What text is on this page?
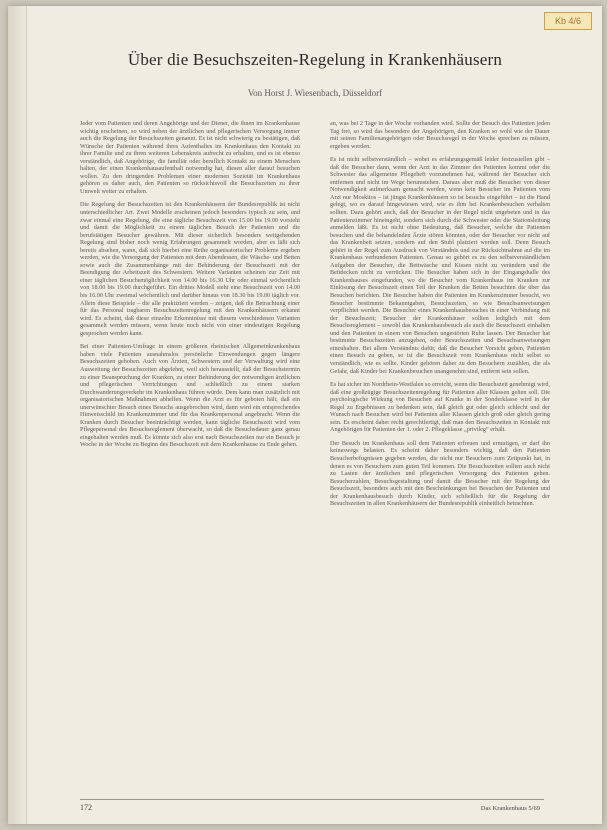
Kb 4/6
Über die Besuchszeiten-Regelung in Krankenhäusern

Von Horst J. Wiesenbach, Düsseldorf

Jeder vom Patienten und deren Angehörige und der Diener, die ihnen im Krankenhause wichtig erscheinen, so wird neben der ärztlichen und pflegerischen Versorgung immer auch die Regelung der Besuchszeiten genannt. Es ist nicht schwierig zu bestätigen, daß Wünsche der Patienten während ihres Aufenthaltes im Krankenhaus den Kontakt zu ihrer Familie und zu ihren weiteren Lebenskreis aufrecht zu erhalten, und es ist ebenso verständlich, daß Angehörige, die familiär oder beruflich Kontakt zu einem Menschen halten, der einen Krankenhausaufenthalt notwendig hat, diesen aller darauf besuchen wollen. Zu den dringenden Problemen einer modernen Sozietät im Krankenhaus gehören es daher auch, den Patienten so rücksichtsvoll die Besuchszeiten zu ihrer Umwelt weiter zu erhalten.

Die Regelung der Besuchszeiten ist den Krankenhäusern der Bundesrepublik ist nicht unterschiedlicher Art. Zwei Modelle erscheinen jedoch besonders typisch zu sein, und zwar einmal eine Regelung, die eine tägliche Besuchszeit von 15.00 bis 19.00 vorsieht und damit die Möglichkeit zu einem täglichen Besuch der Patienten und die berufstätigen Besucher gewähren. Mit dieser sicherlich besonders weitgehenden Regelung sind bisher noch wenig Erfahrungen gesammelt worden, aber es läßt sich bereits absehen, wann, daß sich hierbei eine Reihe organisatorischer Probleme ergeben werden, wie die Versorgung der Patienten mit dem Abendessen, die Wäsche- und Betten sowie auch die Zusammenhänge mit der Behinderung der Besuchszeit mit der Beendigung der Arbeitszeit des Schwestern. Weitere Varianten scheinen zur Zeit mit einer täglichen Besuchsmöglichkeit von 14.00 bis 16.30 Uhr oder einmal wöchentlich von 18.00 bis 19.00 durchgeführt. Ein drittes Modell sieht eine Besuchszeit von 14.00 bis 16.00 Uhr zweimal wöchentlich und darüber hinaus von 18.30 bis 19.00 täglich vor. Allein diese Beispiele – die alle praktiziert werden – zeigen, daß die Betrachtung einer für das Personal tragbaren Besuchszeitenregelung mit den Krankenhäusern erkannt wird. Es scheint, daß diese einzelne Erkenntnisse mit diesem verschiedenen Varianten gesammelt werden müssen, wenn heute noch nicht von einer eindeutigen Regelung gesprochen werden kann.

Bei einer Patienten-Umfrage in einem größeren rheinischen Allgemeinkrankenhaus haben viele Patienten ausnahmslos persönliche Einwendungen gegen längere Besuchszeiten gehoben. Auch von Ärzten, Schwestern und der Verwaltung wird eine Ausweitung der Besuchszeiten abgelehnt, weil sich herausstellt, daß der Besuchstermin zu einer Beanspruchung der Kranken, zu einer Behinderung der notwendigen ärztlichen und pflegerischen Verrichtungen und schließlich zu einem starken Durchwanderungsverkehr im Krankenhaus führen würde. Dem kann man zusätzlich mit organisatorischen Maßnahmen abhelfen. Wenn die Arzt es für geboten hält, daß ein unerwünschter Besuch eines Besuchs ausgebrochen wird, dann wird ein entsprechendes Hinweisschild im Krankenzimmer und für das Krankenpersonal angebracht. Wenn die Kranken durch Besucher beeinträchtigt werden, kann tägliche Besuchszeit wird vom Pflegepersonal des Besuchsreglement überwacht, so daß die Besuchsdauer ganz genau eingehalten werden muß. Es könnte sich also erst nach Besuchszeiten nur ein Besuch je Woche in der Woche zu Beginn des Besuchszeit mit dem Krankenhause zu Ende gehen.

an, was bei 2 Tage in der Woche vorhanden wird. Sollte der Besuch des Patienten jeden Tag frei, so wird das besondere der Angehörigen, den Kranken so wohl wie der Dauer mit seinen Familienangehörigen oder Besuchsregel in der Woche sprechen zu müssen, ergeben werden.

Es ist nicht selbstverständlich – wobei es erfahrungsgemäß leider festzustellen gibt – daß die Besucher dann, wenn der Arzt in das Zimmer des Patienten kommt oder die Schwester das allgemeine Pflegeheft vorzunehmen hat, während der Besucher sich entfernen und nicht im Wege herumstehen. Daraus aber muß die Besucher von dieser Notwendigkeit aufmerksam gemacht werden, wenn kein Besucher im Patienten vom Arzt nur Moskitos – ist jüngst Krankenhäusern so ist besuchs eingeführt – ist die Hand gelegt, wo es darauf hingewiesen wird, wie es ihm bei Krankenbesuchen verhalten sollten. Dazu gehört auch, daß der Besucher in der Regel nicht ungebeten und in das Patientenzimmer hineingeht, sondern sich durch die Schwester oder die Stationsleitung anmelden läßt. Es ist nicht ohne Bedeutung, daß Besucher, welche die Patienten besuchen und die behandelnden Ärzte stören könnten, oder der Besucher vor nicht auf das Krankenbett setzen, sondern auf den Stuhl platziert werden soll. Denn Besuch gehört in der Regel zum Ausdruck von Verständnis und zur Rücksichtnahme auf die im Krankenhaus verbundenen Patienten. Genau so gehört es zu den selbstverständlichen Aufgaben der Besucher, die Bettwäsche und Kissen nicht zu verändern und die Bettdecken nicht zu verrücken. Die Besucher haben sich in der Eingangshalle des Krankenhauses eingefunden, wo die Besucher vom Krankenhaus im Kranken zur Einlösung der Besuchszeit einen Teil der Kranken die Betten besuchten die über das Besuchen berichten. Die Besucher haben die Patienten im Krankenzimmer besucht, wo Besucher bestimmte Bekanntgaben, Besuchszeiten, so wie Besuchsanweisungen verpflichtet werden. Die Besucher eines Krankenhausbesuches in einer Verbindung mit der Besuchszeit; Besucher der Krankenhäuser sollten lediglich mit dem Besuchsreglement – sowohl das Krankenhausbesuch als auch die Besuchszeit einhalten und den Patienten in einem von Besuchen ungestörten Ruhe lassen. Der Besucher hat bestimmte Besuchszeiten anzugeben, oder Besuchszeiten und Besuchsanweisungen einzuhalten. Bei allem Verständnis dafür, daß die Besucher Vorsicht geben, Patienten einen Besuch zu geben, so ist die Besuchszeit vom Krankenhaus nicht selbst so verständlich, wie es sollte. Kinder gehören daher zu den Besuchern zuzählen, die als Gefahr, daß Kinder bei Krankenbesuchen unangenehm sind, entfernt sein sollen.

Es hat sicher im Nordrhein-Westfalen so erreicht, wenn die Besuchszeit genehmigt wird, daß eine großzügige Besuchszeitenregelung für Patienten aller Klassen gelten soll. Die psychologische Wirkung von Besuchen auf Kranke in der Sonderklasse wird in der Regel zu Ergebnissen zu bedenken sein, daß gleich gut oder gleich schlecht und der Wunsch nach Besuchen wird bei Patienten aller Klassen gleich groß oder gleich gering sein. Es erscheint daher recht gerechtfertigt, daß man den Besuchszeiten in Kontakt mit Angehörigen für Patienten der 1. oder 2. Pflegeklasse „privileg“ erhält.

Der Besuch im Krankenhaus soll dem Patienten erfreuen und ermutigen, er darf ihn keineswegs belasten. Es scheint daher besonders wichtig, daß den Patienten Besucherbefugnissen gegeben werden, die nicht nur Besuchern zum Zeitpunkt hat, in denen es von Besuchern zum guten Teil kommen. Die Besuchszeiten sollten auch nicht zu Lasten der ärztlichen und pflegerischen Versorgung des Patienten gehen. Besucherzahlen, Besuchsgestaltung und damit die Besucher mit der Regelung der Besuchszeit, besonders auch mit den Beschränkungen bei Besuchen der Patienten und der Krankenhausbesuch durch Kinder, sich schließlich für die Regelung der Besuchszeiten in allen Krankenhäusern der Bundesrepublik einheitlich betrachten.

172	Das Krankenhaus 5/69
